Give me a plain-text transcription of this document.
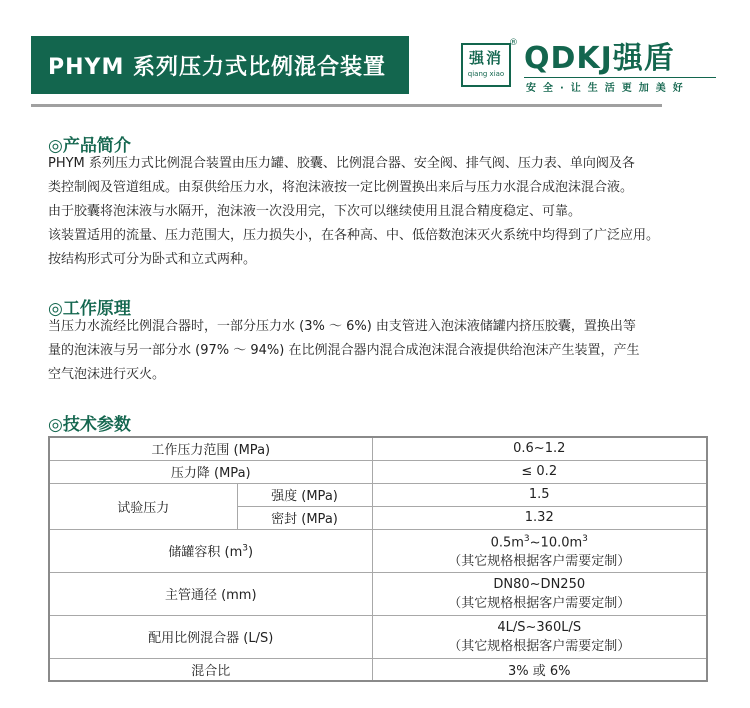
PHYM 系列压力式比例混合装置	强消
qiang xiao
® QDKJ强盾
安全·让生活更加美好
◎产品简介

PHYM 系列压力式比例混合装置由压力罐、胶囊、比例混合器、安全阀、排气阀、压力表、单向阀及各

类控制阀及管道组成。由泵供给压力水，将泡沫液按一定比例置换出来后与压力水混合成泡沫混合液。

由于胶囊将泡沫液与水隔开，泡沫液一次没用完，下次可以继续使用且混合精度稳定、可靠。

该装置适用的流量、压力范围大，压力损失小，在各种高、中、低倍数泡沫灭火系统中均得到了广泛应用。

按结构形式可分为卧式和立式两种。

◎工作原理

当压力水流经比例混合器时，一部分压力水 (3% ～ 6%) 由支管进入泡沫液储罐内挤压胶囊，置换出等

量的泡沫液与另一部分水 (97% ～ 94%) 在比例混合器内混合成泡沫混合液提供给泡沫产生装置，产生

空气泡沫进行灭火。

◎技术参数
工作压力范围 (MPa)		0.6~1.2
压力降 (MPa)		≤ 0.2
试验压力	强度 (MPa)	1.5
	密封 (MPa)	1.32
储罐容积 $(m^3)$		$0.5m^3\sim 10.0m^3$
（其它规格根据客户需要定制）
主管通径 (mm)		DN80~DN250
（其它规格根据客户需要定制）
配用比例混合器 (L/S)		4L/S~360L/S
（其它规格根据客户需要定制）
混合比		3% 或 6%
